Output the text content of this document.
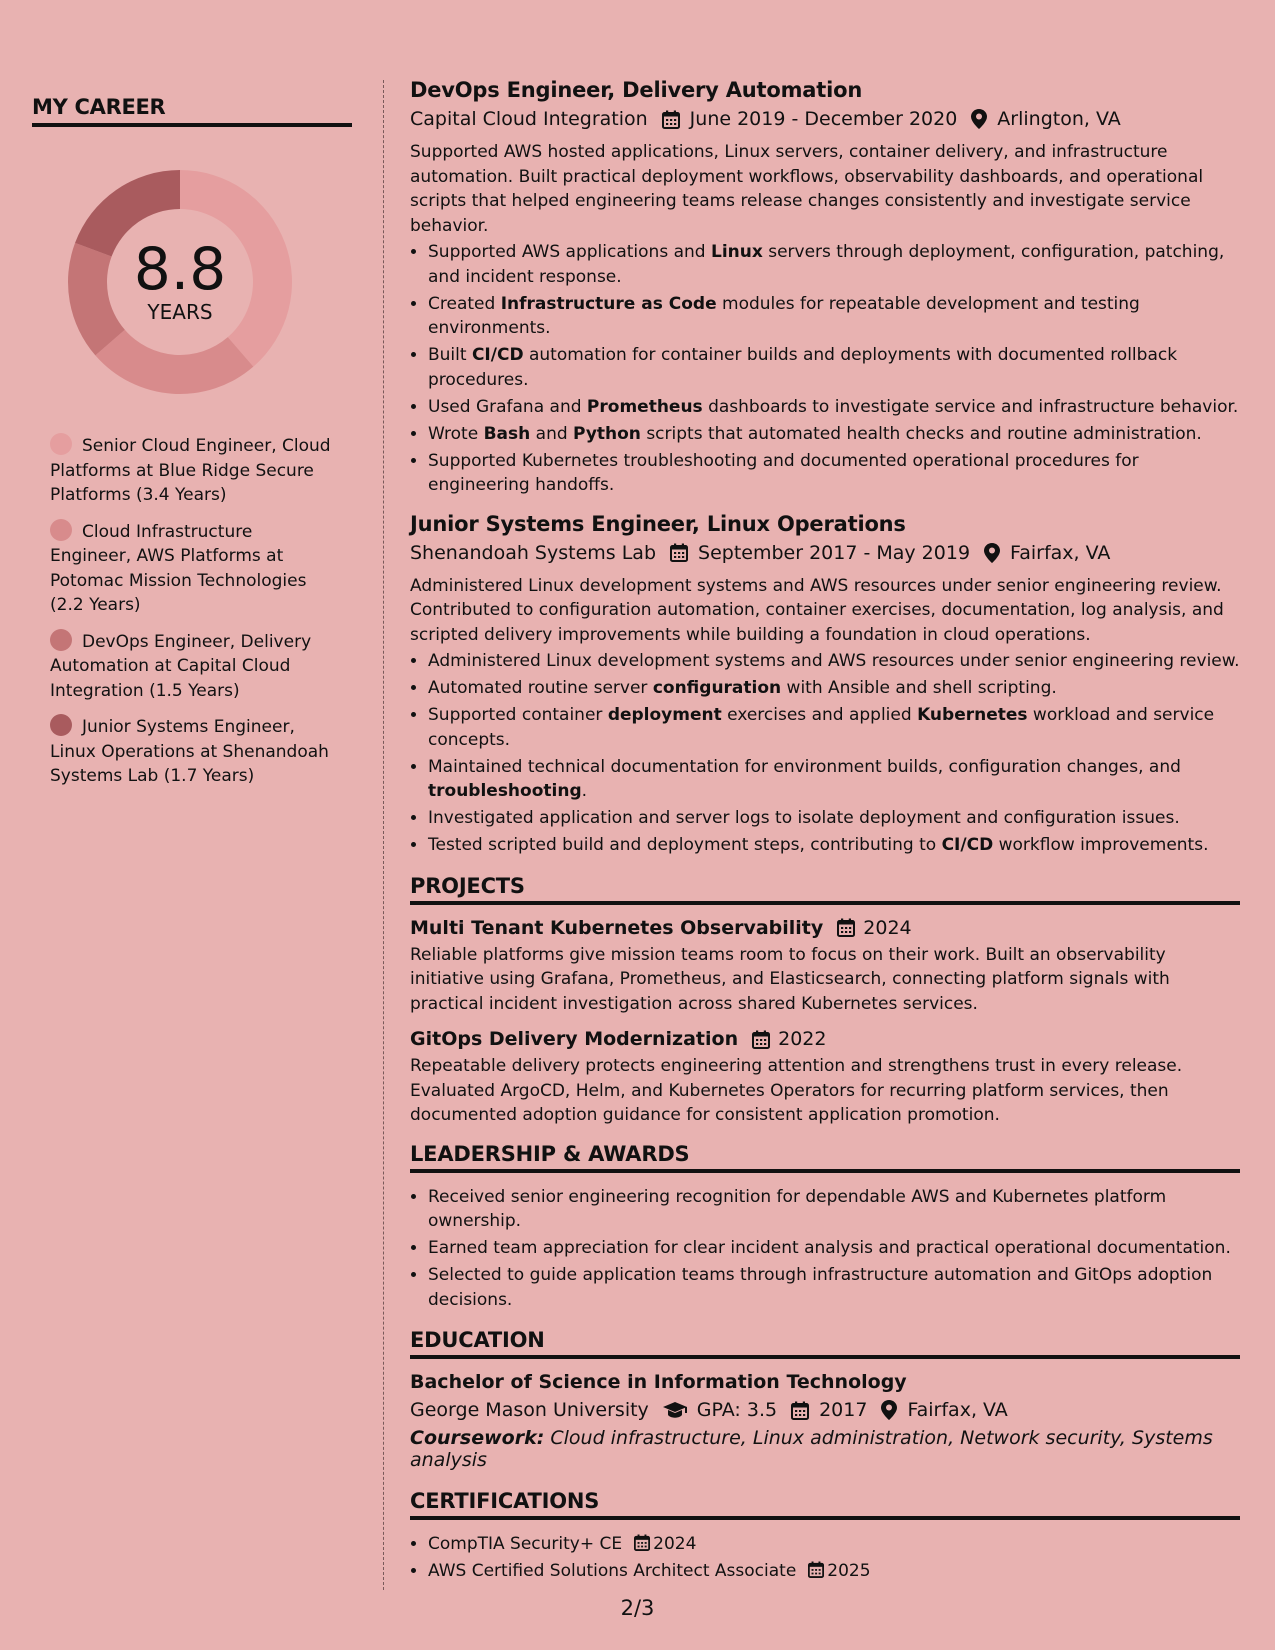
MY CAREER
8.8
YEARS
Senior Cloud Engineer, Cloud Platforms at Blue Ridge Secure Platforms (3.4 Years)
Cloud Infrastructure Engineer, AWS Platforms at Potomac Mission Technologies (2.2 Years)
DevOps Engineer, Delivery Automation at Capital Cloud Integration (1.5 Years)
Junior Systems Engineer, Linux Operations at Shenandoah Systems Lab (1.7 Years)
DevOps Engineer, Delivery Automation
Capital Cloud Integration June 2019 - December 2020 Arlington, VA

Supported AWS hosted applications, Linux servers, container delivery, and infrastructure automation. Built practical deployment workflows, observability dashboards, and operational scripts that helped engineering teams release changes consistently and investigate service behavior.

• Supported AWS applications and Linux servers through deployment, configuration, patching, and incident response.
• Created Infrastructure as Code modules for repeatable development and testing environments.
• Built CI/CD automation for container builds and deployments with documented rollback procedures.
• Used Grafana and Prometheus dashboards to investigate service and infrastructure behavior.
• Wrote Bash and Python scripts that automated health checks and routine administration.
• Supported Kubernetes troubleshooting and documented operational procedures for engineering handoffs.
Junior Systems Engineer, Linux Operations
Shenandoah Systems Lab September 2017 - May 2019 Fairfax, VA

Administered Linux development systems and AWS resources under senior engineering review. Contributed to configuration automation, container exercises, documentation, log analysis, and scripted delivery improvements while building a foundation in cloud operations.

• Administered Linux development systems and AWS resources under senior engineering review.
• Automated routine server configuration with Ansible and shell scripting.
• Supported container deployment exercises and applied Kubernetes workload and service concepts.
• Maintained technical documentation for environment builds, configuration changes, and troubleshooting.
• Investigated application and server logs to isolate deployment and configuration issues.
• Tested scripted build and deployment steps, contributing to CI/CD workflow improvements.
PROJECTS
Multi Tenant Kubernetes Observability 2024

Reliable platforms give mission teams room to focus on their work. Built an observability initiative using Grafana, Prometheus, and Elasticsearch, connecting platform signals with practical incident investigation across shared Kubernetes services.

GitOps Delivery Modernization 2022

Repeatable delivery protects engineering attention and strengthens trust in every release. Evaluated ArgoCD, Helm, and Kubernetes Operators for recurring platform services, then documented adoption guidance for consistent application promotion.

LEADERSHIP & AWARDS
• Received senior engineering recognition for dependable AWS and Kubernetes platform ownership.
• Earned team appreciation for clear incident analysis and practical operational documentation.
• Selected to guide application teams through infrastructure automation and GitOps adoption decisions.
EDUCATION
Bachelor of Science in Information Technology
George Mason University	GPA: 3.5 2017 Fairfax, VA
Coursework: Cloud infrastructure, Linux administration, Network security, Systems analysis
CERTIFICATIONS
• CompTIA Security+ CE 2024
• AWS Certified Solutions Architect Associate 2025
2/3
